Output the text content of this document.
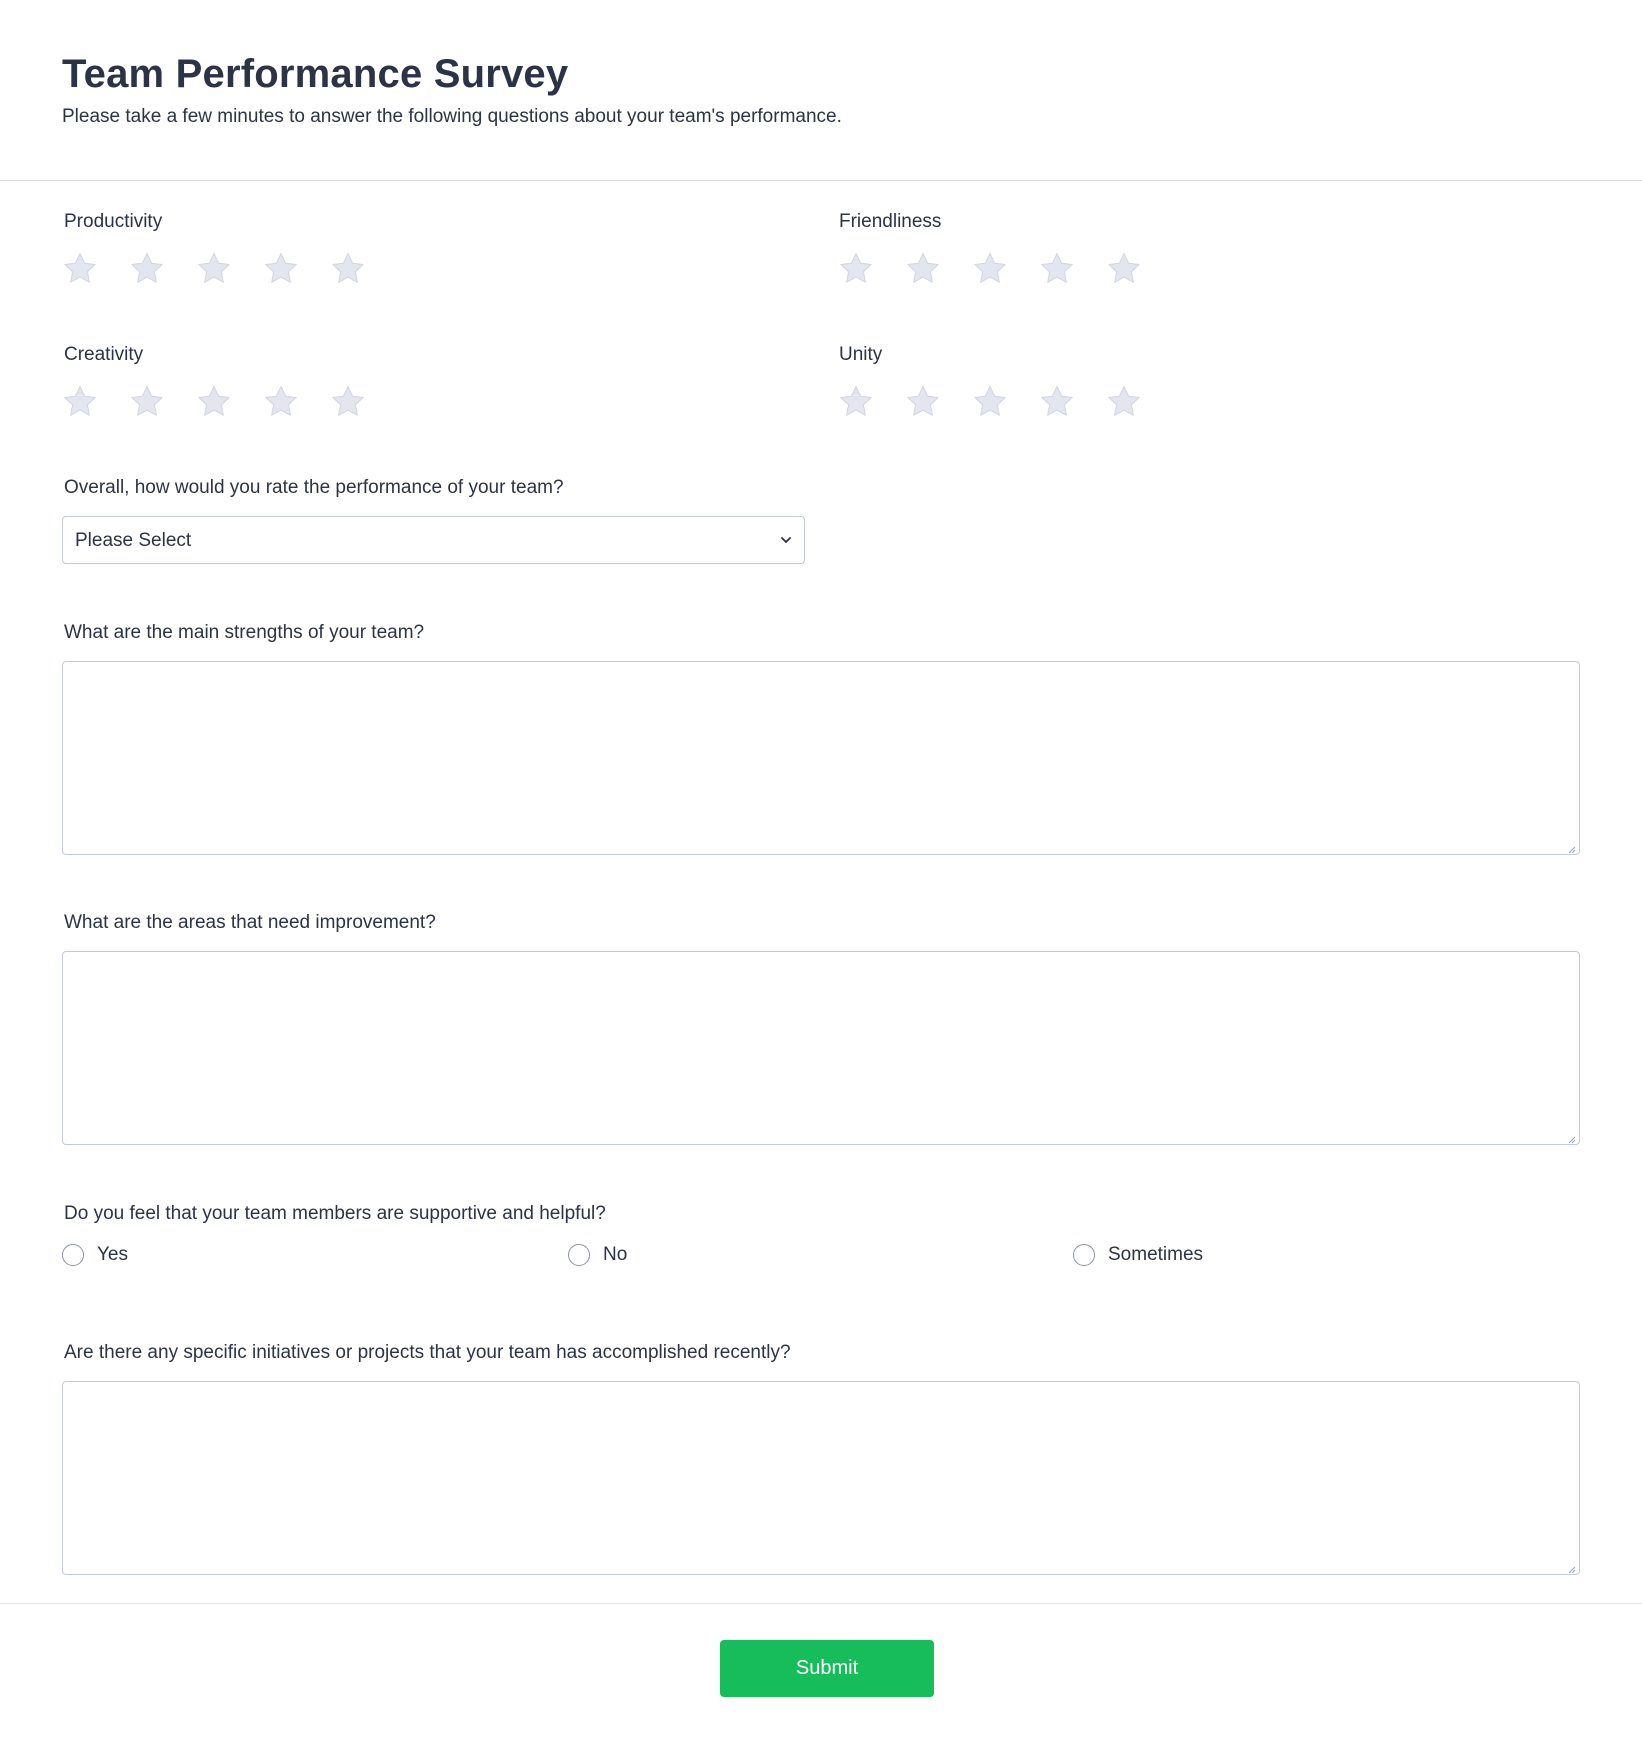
Team Performance Survey
Please take a few minutes to answer the following questions about your team's performance.
Productivity	Friendliness
Creativity	Unity
Overall, how would you rate the performance of your team?
Please Select
What are the main strengths of your team?
What are the areas that need improvement?
Do you feel that your team members are supportive and helpful?
Yes	No	Sometimes
Are there any specific initiatives or projects that your team has accomplished recently?
Submit
